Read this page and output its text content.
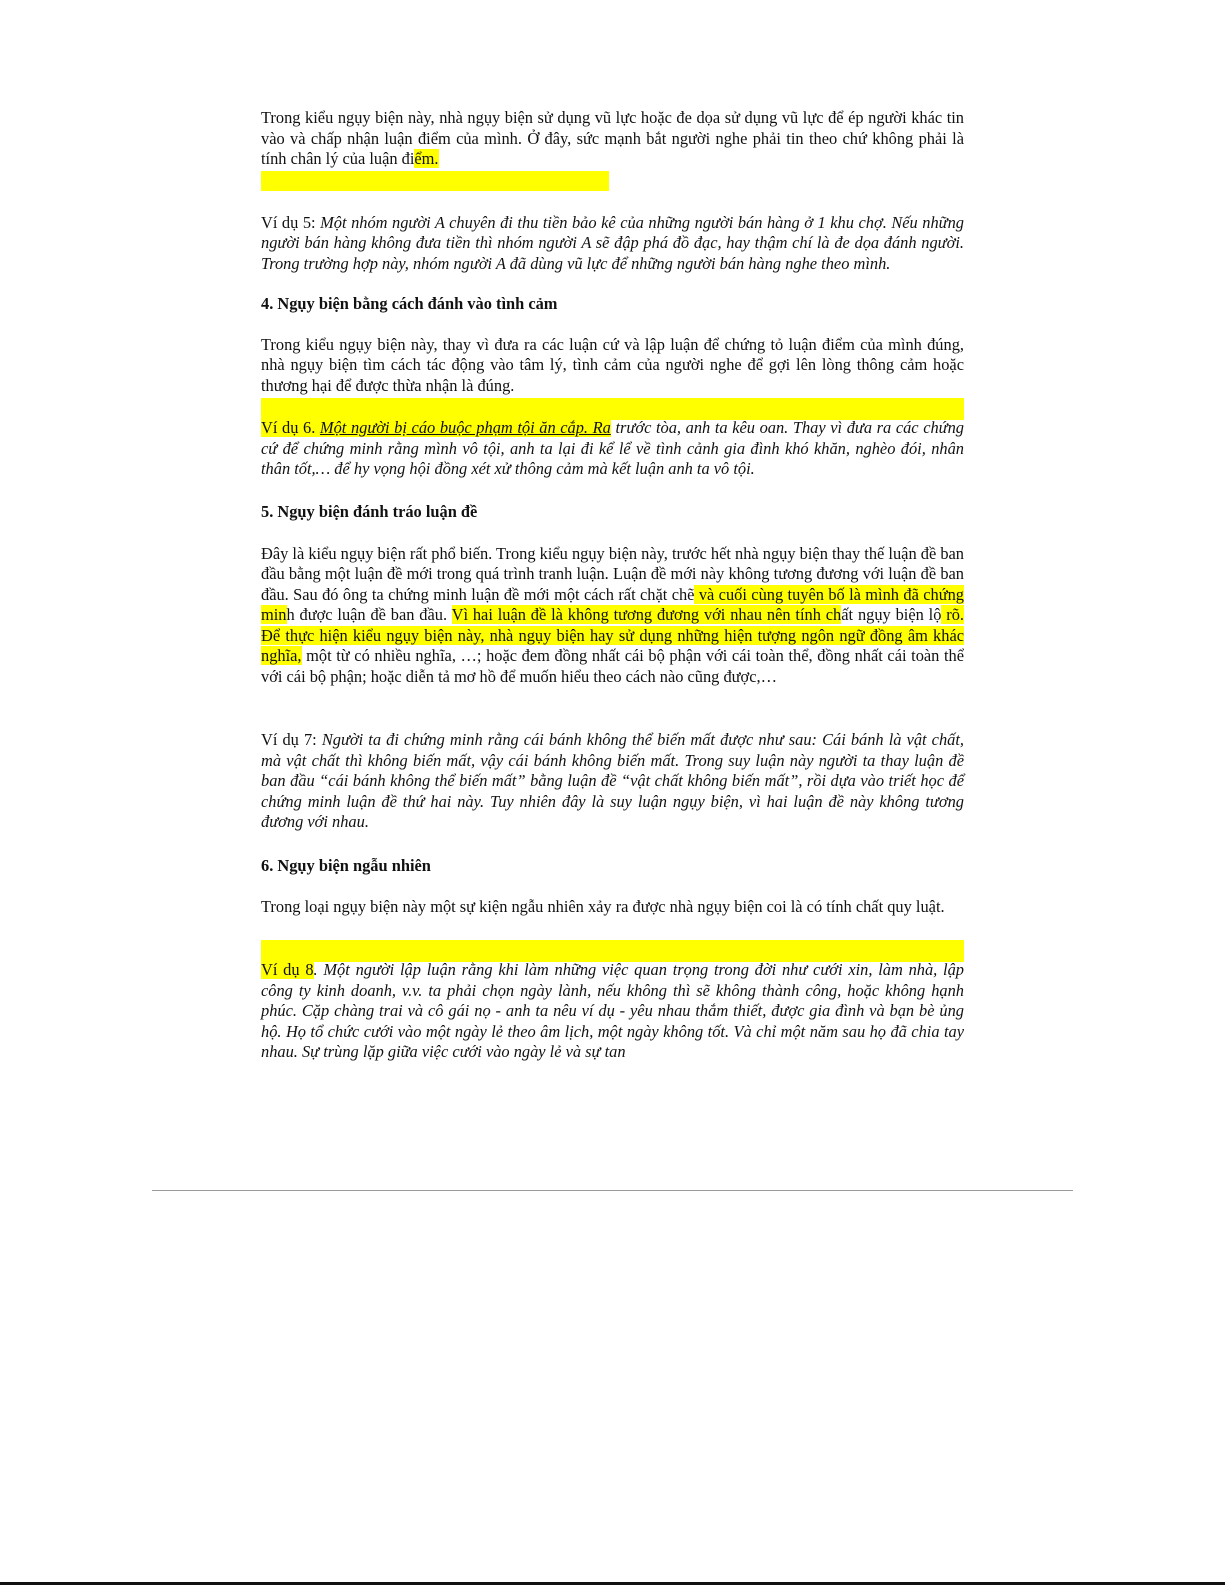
Trong kiểu ngụy biện này, nhà ngụy biện sử dụng vũ lực hoặc đe dọa sử dụng vũ lực để ép người khác tin vào và chấp nhận luận điểm của mình. Ở đây, sức mạnh bắt người nghe phải tin theo chứ không phải là tính chân lý của luận điểm.

Ví dụ 5: Một nhóm người A chuyên đi thu tiền bảo kê của những người bán hàng ở 1 khu chợ. Nếu những người bán hàng không đưa tiền thì nhóm người A sẽ đập phá đồ đạc, hay thậm chí là đe dọa đánh người. Trong trường hợp này, nhóm người A đã dùng vũ lực để những người bán hàng nghe theo mình.

4. Ngụy biện bằng cách đánh vào tình cảm

Trong kiểu ngụy biện này, thay vì đưa ra các luận cứ và lập luận để chứng tỏ luận điểm của mình đúng, nhà ngụy biện tìm cách tác động vào tâm lý, tình cảm của người nghe để gợi lên lòng thông cảm hoặc thương hại để được thừa nhận là đúng.

Ví dụ 6. Một người bị cáo buộc phạm tội ăn cắp. Ra trước tòa, anh ta kêu oan. Thay vì đưa ra các chứng cứ để chứng minh rằng mình vô tội, anh ta lại đi kể lể về tình cảnh gia đình khó khăn, nghèo đói, nhân thân tốt,… để hy vọng hội đồng xét xử thông cảm mà kết luận anh ta vô tội.

5. Ngụy biện đánh tráo luận đề

Đây là kiểu ngụy biện rất phổ biến. Trong kiểu ngụy biện này, trước hết nhà ngụy biện thay thế luận đề ban đầu bằng một luận đề mới trong quá trình tranh luận. Luận đề mới này không tương đương với luận đề ban đầu. Sau đó ông ta chứng minh luận đề mới một cách rất chặt chẽ và cuối cùng tuyên bố là mình đã chứng minh được luận đề ban đầu. Vì hai luận đề là không tương đương với nhau nên tính chất ngụy biện lộ rõ. Để thực hiện kiểu ngụy biện này, nhà ngụy biện hay sử dụng những hiện tượng ngôn ngữ đồng âm khác nghĩa, một từ có nhiều nghĩa, …; hoặc đem đồng nhất cái bộ phận với cái toàn thể, đồng nhất cái toàn thể với cái bộ phận; hoặc diễn tả mơ hồ để muốn hiểu theo cách nào cũng được,…

Ví dụ 7: Người ta đi chứng minh rằng cái bánh không thể biến mất được như sau: Cái bánh là vật chất, mà vật chất thì không biến mất, vậy cái bánh không biến mất. Trong suy luận này người ta thay luận đề ban đầu “cái bánh không thể biến mất” bằng luận đề “vật chất không biến mất”, rồi dựa vào triết học để chứng minh luận đề thứ hai này. Tuy nhiên đây là suy luận ngụy biện, vì hai luận đề này không tương đương với nhau.

6. Ngụy biện ngẫu nhiên

Trong loại ngụy biện này một sự kiện ngẫu nhiên xảy ra được nhà ngụy biện coi là có tính chất quy luật.

Ví dụ 8. Một người lập luận rằng khi làm những việc quan trọng trong đời như cưới xin, làm nhà, lập công ty kinh doanh, v.v. ta phải chọn ngày lành, nếu không thì sẽ không thành công, hoặc không hạnh phúc. Cặp chàng trai và cô gái nọ - anh ta nêu ví dụ - yêu nhau thắm thiết, được gia đình và bạn bè ủng hộ. Họ tổ chức cưới vào một ngày lẻ theo âm lịch, một ngày không tốt. Và chỉ một năm sau họ đã chia tay nhau. Sự trùng lặp giữa việc cưới vào ngày lẻ và sự tan
